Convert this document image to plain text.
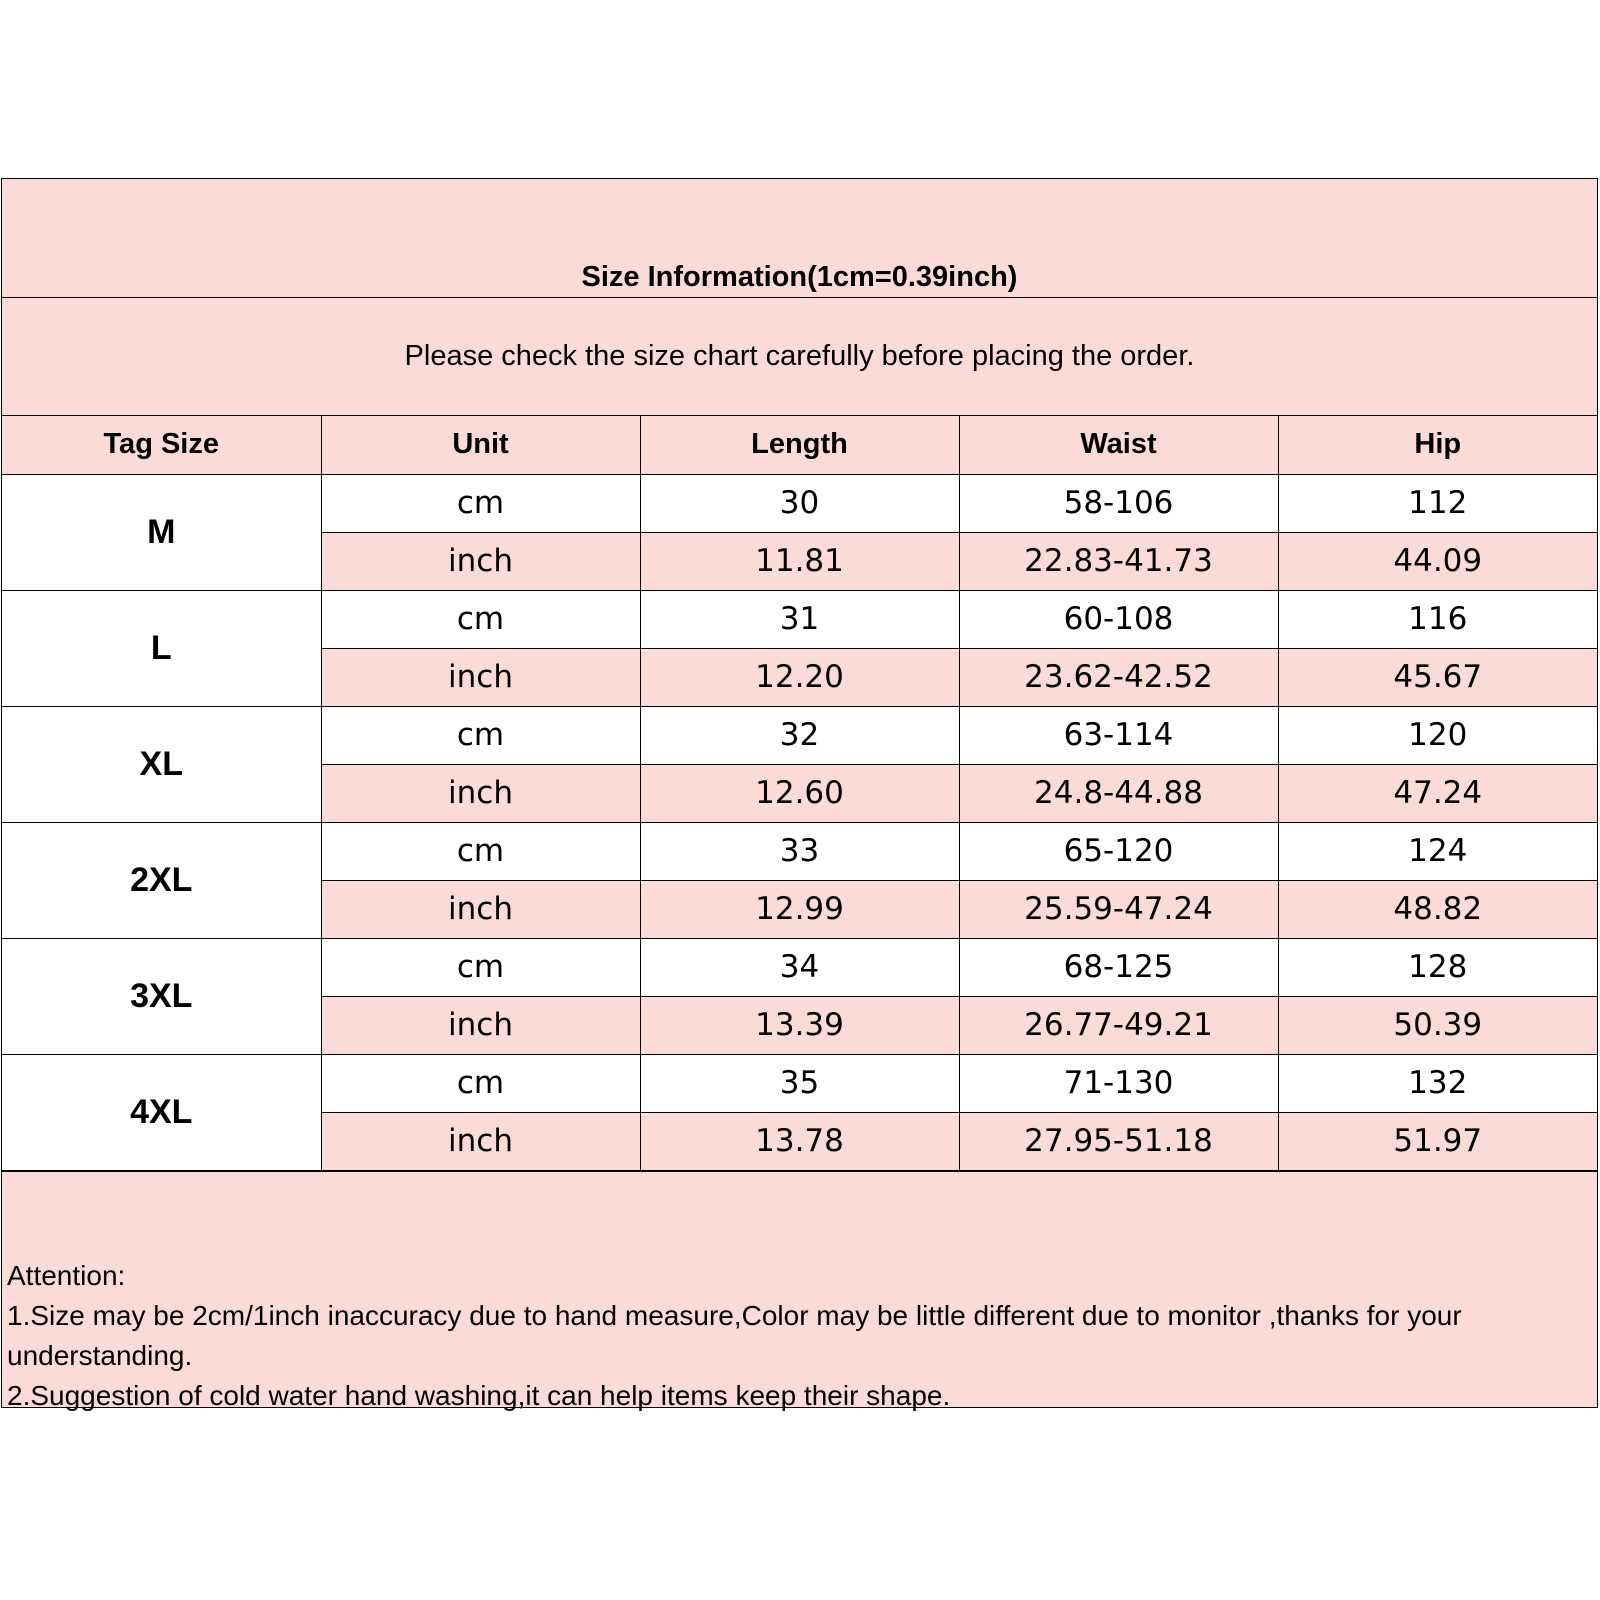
Size Information(1cm=0.39inch)
Please check the size chart carefully before placing the order.
Tag Size	Unit	Length	Waist	Hip
M	cm	30	58-106	112
	inch	11.81	22.83-41.73	44.09
L	cm	31	60-108	116
	inch	12.20	23.62-42.52	45.67
XL	cm	32	63-114	120
	inch	12.60	24.8-44.88	47.24
2XL	cm	33	65-120	124
	inch	12.99	25.59-47.24	48.82
3XL	cm	34	68-125	128
	inch	13.39	26.77-49.21	50.39
4XL	cm	35	71-130	132
	inch	13.78	27.95-51.18	51.97

Attention:

1.Size may be 2cm/1inch inaccuracy due to hand measure,Color may be little different due to monitor ,thanks for your understanding.

2.Suggestion of cold water hand washing,it can help items keep their shape.
